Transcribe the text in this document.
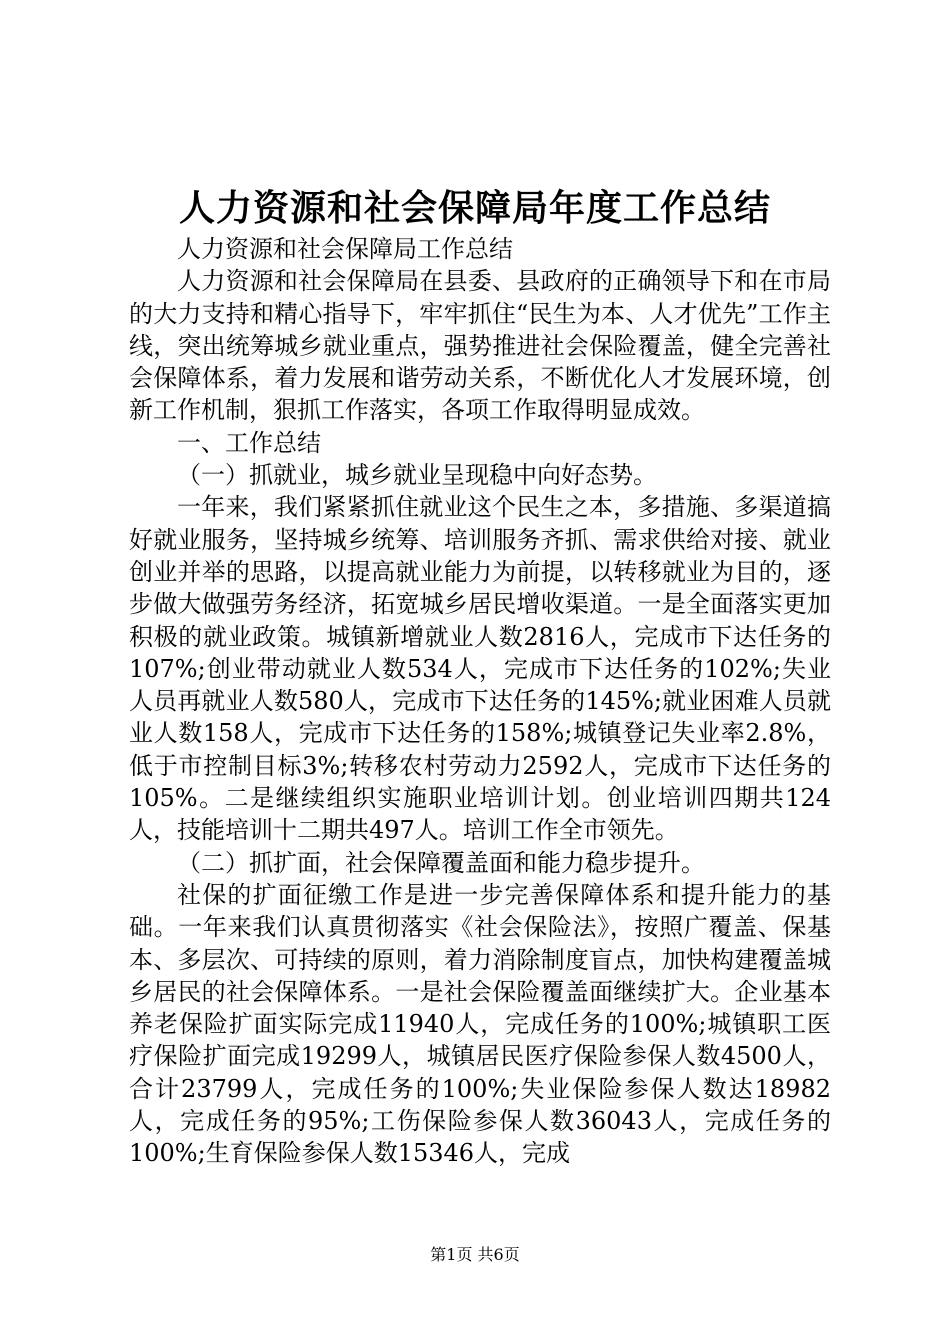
人力资源和社会保障局年度工作总结

人力资源和社会保障局工作总结

人力资源和社会保障局在县委、县政府的正确领导下和在市局的大力支持和精心指导下，牢牢抓住“民生为本、人才优先”工作主线，突出统筹城乡就业重点，强势推进社会保险覆盖，健全完善社会保障体系，着力发展和谐劳动关系，不断优化人才发展环境，创新工作机制，狠抓工作落实，各项工作取得明显成效。

一、工作总结

（一）抓就业，城乡就业呈现稳中向好态势。

一年来，我们紧紧抓住就业这个民生之本，多措施、多渠道搞好就业服务，坚持城乡统筹、培训服务齐抓、需求供给对接、就业创业并举的思路，以提高就业能力为前提，以转移就业为目的，逐步做大做强劳务经济，拓宽城乡居民增收渠道。一是全面落实更加积极的就业政策。城镇新增就业人数2816人，完成市下达任务的107%;创业带动就业人数534人，完成市下达任务的102%;失业人员再就业人数580人，完成市下达任务的145%;就业困难人员就业人数158人，完成市下达任务的158%;城镇登记失业率2.8%，低于市控制目标3%;转移农村劳动力2592人，完成市下达任务的105%。二是继续组织实施职业培训计划。创业培训四期共124人，技能培训十二期共497人。培训工作全市领先。

（二）抓扩面，社会保障覆盖面和能力稳步提升。

社保的扩面征缴工作是进一步完善保障体系和提升能力的基础。一年来我们认真贯彻落实《社会保险法》，按照广覆盖、保基本、多层次、可持续的原则，着力消除制度盲点，加快构建覆盖城乡居民的社会保障体系。一是社会保险覆盖面继续扩大。企业基本养老保险扩面实际完成11940人，完成任务的100%;城镇职工医疗保险扩面完成19299人，城镇居民医疗保险参保人数4500人，合计23799人，完成任务的100%;失业保险参保人数达18982人，完成任务的95%;工伤保险参保人数36043人，完成任务的100%;生育保险参保人数15346人，完成

第1页 共6页
